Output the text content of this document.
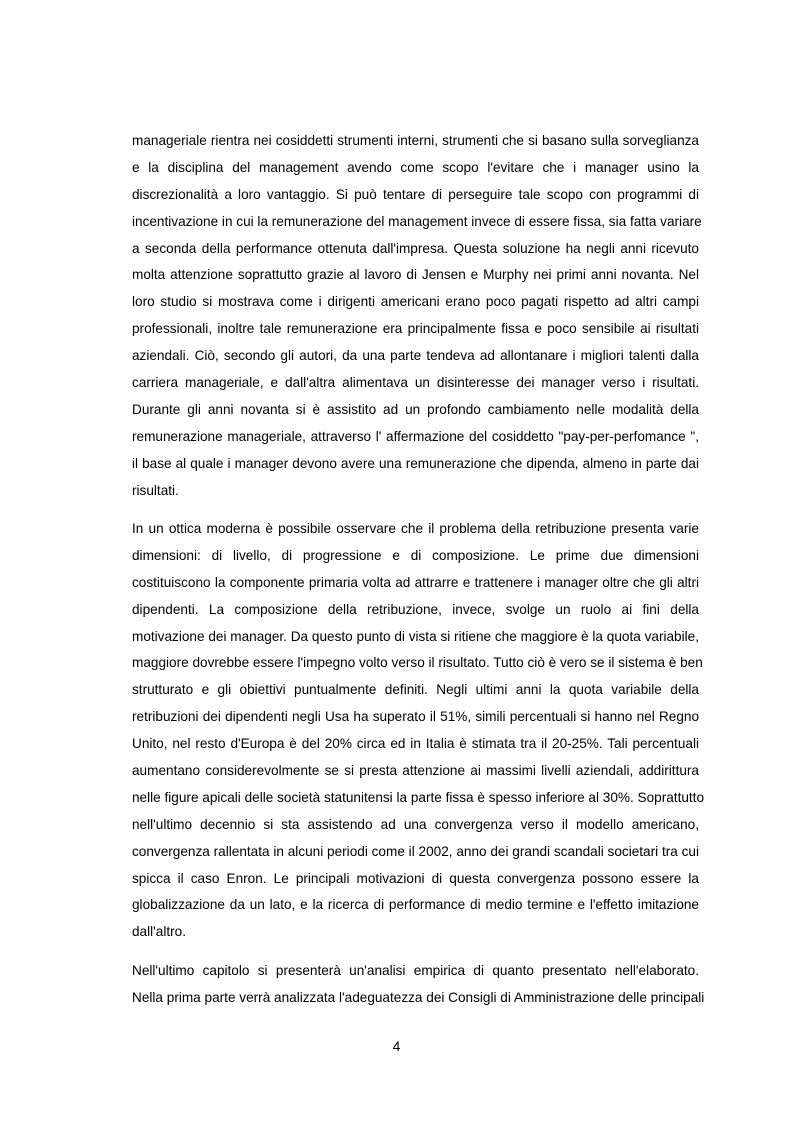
manageriale rientra nei cosiddetti strumenti interni, strumenti che si basano sulla sorveglianza
e la disciplina del management avendo come scopo l'evitare che i manager usino la
discrezionalità a loro vantaggio. Si può tentare di perseguire tale scopo con programmi di
incentivazione in cui la remunerazione del management invece di essere fissa, sia fatta variare
a seconda della performance ottenuta dall'impresa. Questa soluzione ha negli anni ricevuto
molta attenzione soprattutto grazie al lavoro di Jensen e Murphy nei primi anni novanta. Nel
loro studio si mostrava come i dirigenti americani erano poco pagati rispetto ad altri campi
professionali, inoltre tale remunerazione era principalmente fissa e poco sensibile ai risultati
aziendali. Ciò, secondo gli autori, da una parte tendeva ad allontanare i migliori talenti dalla
carriera manageriale, e dall'altra alimentava un disinteresse dei manager verso i risultati.
Durante gli anni novanta si è assistito ad un profondo cambiamento nelle modalità della
remunerazione manageriale, attraverso l' affermazione del cosiddetto "pay-per-perfomance ",
il base al quale i manager devono avere una remunerazione che dipenda, almeno in parte dai
risultati.

In un ottica moderna è possibile osservare che il problema della retribuzione presenta varie
dimensioni: di livello, di progressione e di composizione. Le prime due dimensioni
costituiscono la componente primaria volta ad attrarre e trattenere i manager oltre che gli altri
dipendenti. La composizione della retribuzione, invece, svolge un ruolo ai fini della
motivazione dei manager. Da questo punto di vista si ritiene che maggiore è la quota variabile,
maggiore dovrebbe essere l'impegno volto verso il risultato. Tutto ciò è vero se il sistema è ben
strutturato e gli obiettivi puntualmente definiti. Negli ultimi anni la quota variabile della
retribuzioni dei dipendenti negli Usa ha superato il 51%, simili percentuali si hanno nel Regno
Unito, nel resto d'Europa è del 20% circa ed in Italia è stimata tra il 20-25%. Tali percentuali
aumentano considerevolmente se si presta attenzione ai massimi livelli aziendali, addirittura
nelle figure apicali delle società statunitensi la parte fissa è spesso inferiore al 30%. Soprattutto
nell'ultimo decennio si sta assistendo ad una convergenza verso il modello americano,
convergenza rallentata in alcuni periodi come il 2002, anno dei grandi scandali societari tra cui
spicca il caso Enron. Le principali motivazioni di questa convergenza possono essere la
globalizzazione da un lato, e la ricerca di performance di medio termine e l'effetto imitazione
dall'altro.

Nell'ultimo capitolo si presenterà un'analisi empirica di quanto presentato nell'elaborato.
Nella prima parte verrà analizzata l'adeguatezza dei Consigli di Amministrazione delle principali

4
